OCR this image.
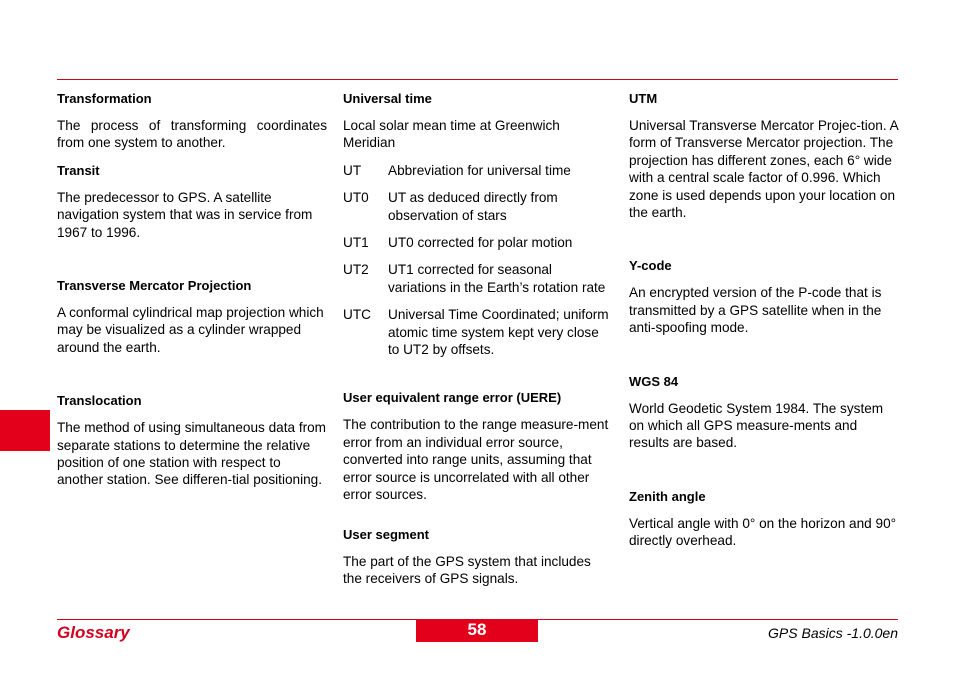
Transformation

The process of transforming coordinates from one system to another.

Transit

The predecessor to GPS. A satellite navigation system that was in service from 1967 to 1996.

Transverse Mercator Projection

A conformal cylindrical map projection which may be visualized as a cylinder wrapped around the earth.

Translocation

The method of using simultaneous data from separate stations to determine the relative position of one station with respect to another station. See differen-tial positioning.

Universal time

Local solar mean time at Greenwich Meridian

UT	Abbreviation for universal time
UT0	UT as deduced directly from observation of stars
UT1	UT0 corrected for polar motion
UT2	UT1 corrected for seasonal variations in the Earth’s rotation rate
UTC	Universal Time Coordinated; uniform atomic time system kept very close to UT2 by offsets.

User equivalent range error (UERE)

The contribution to the range measure-ment error from an individual error source, converted into range units, assuming that error source is uncorrelated with all other error sources.

User segment

The part of the GPS system that includes the receivers of GPS signals.

UTM

Universal Transverse Mercator Projec-tion. A form of Transverse Mercator projection. The projection has different zones, each 6° wide with a central scale factor of 0.996. Which zone is used depends upon your location on the earth.

Y-code

An encrypted version of the P-code that is transmitted by a GPS satellite when in the anti-spoofing mode.

WGS 84

World Geodetic System 1984. The system on which all GPS measure-ments and results are based.

Zenith angle

Vertical angle with 0° on the horizon and 90° directly overhead.

Glossary	58	GPS Basics -1.0.0en
